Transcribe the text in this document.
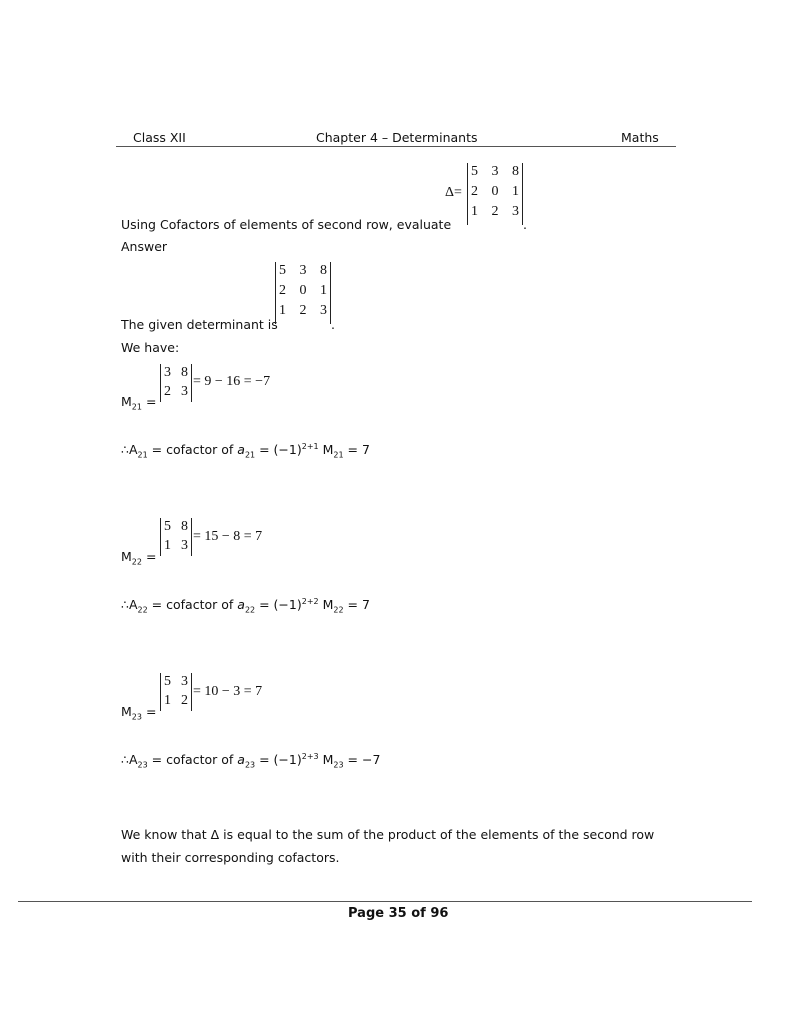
Class XII	Chapter 4 – Determinants	Maths
Using Cofactors of elements of second row, evaluate
Δ=
5 3 8
2 0 1
1 2 3
.
Answer
The given determinant is
5 3 8
2 0 1
1 2 3
.
We have:
$M_{21}$ =
3 8
2 3
= 9 − 16 = −7
$\therefore A_{21}$ = cofactor of $a_{21} = (-1)^{2+1}$ $M_{21} = 7$
$M_{22}$ =
5 8
1 3
= 15 − 8 = 7
$\therefore A_{22}$ = cofactor of $a_{22} = (-1)^{2+2}$ $M_{22} = 7$
$M_{23}$ =
5 3
1 2
= 10 − 3 = 7
$\therefore A_{23}$ = cofactor of $a_{23} = (-1)^{2+3}$ $M_{23} = -7$
We know that Δ is equal to the sum of the product of the elements of the second row
with their corresponding cofactors.
Page 35 of 96
